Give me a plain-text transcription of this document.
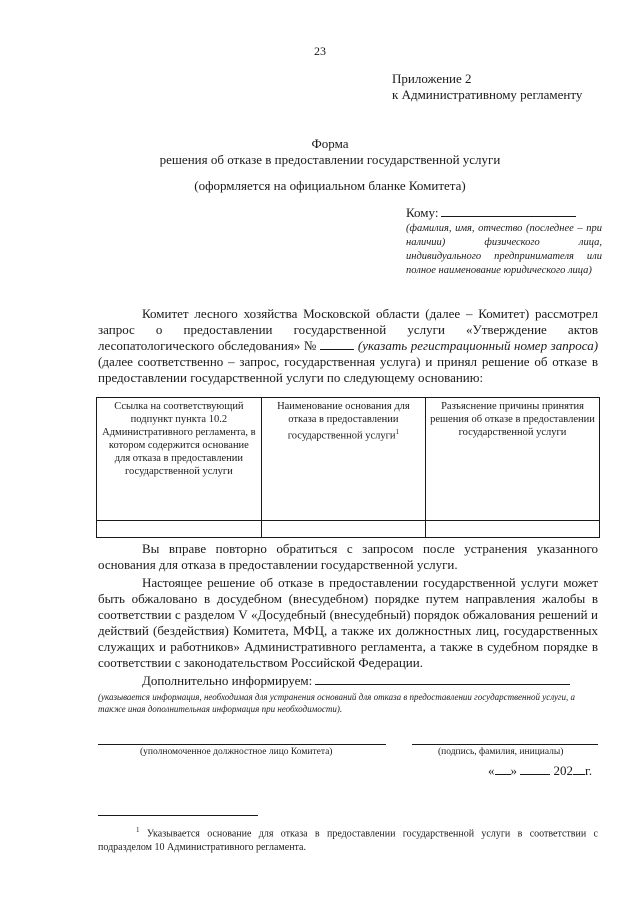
23
Приложение 2
к Административному регламенту
Форма
решения об отказе в предоставлении государственной услуги
(оформляется на официальном бланке Комитета)
Кому:
(фамилия, имя, отчество (последнее – при наличии) физического лица, индивидуального предпринимателя или полное наименование юридического лица)
Комитет лесного хозяйства Московской области (далее – Комитет) рассмотрел запрос о предоставлении государственной услуги «Утверждение актов лесопатологического обследования» №	(указать регистрационный номер запроса) (далее соответственно – запрос, государственная услуга) и принял решение об отказе в предоставлении государственной услуги по следующему основанию:
Ссылка на соответствующий подпункт пункта 10.2 Административного регламента, в котором содержится основание для отказа в предоставлении государственной услуги	Наименование основания для отказа в предоставлении государственной услуги$^1$	Разъяснение причины принятия решения об отказе в предоставлении государственной услуги

Вы вправе повторно обратиться с запросом после устранения указанного основания для отказа в предоставлении государственной услуги.
Настоящее решение об отказе в предоставлении государственной услуги может быть обжаловано в досудебном (внесудебном) порядке путем направления жалобы в соответствии с разделом V «Досудебный (внесудебный) порядок обжалования решений и действий (бездействия) Комитета, МФЦ, а также их должностных лиц, государственных служащих и работников» Административного регламента, а также в судебном порядке в соответствии с законодательством Российской Федерации.
Дополнительно информируем:
(указывается информация, необходимая для устранения оснований для отказа в предоставлении государственной услуги, а также иная дополнительная информация при необходимости).
(уполномоченное должностное лицо Комитета)	(подпись, фамилия, инициалы)
« »	202 г.
$^1$ Указывается основание для отказа в предоставлении государственной услуги в соответствии с подразделом 10 Административного регламента.
